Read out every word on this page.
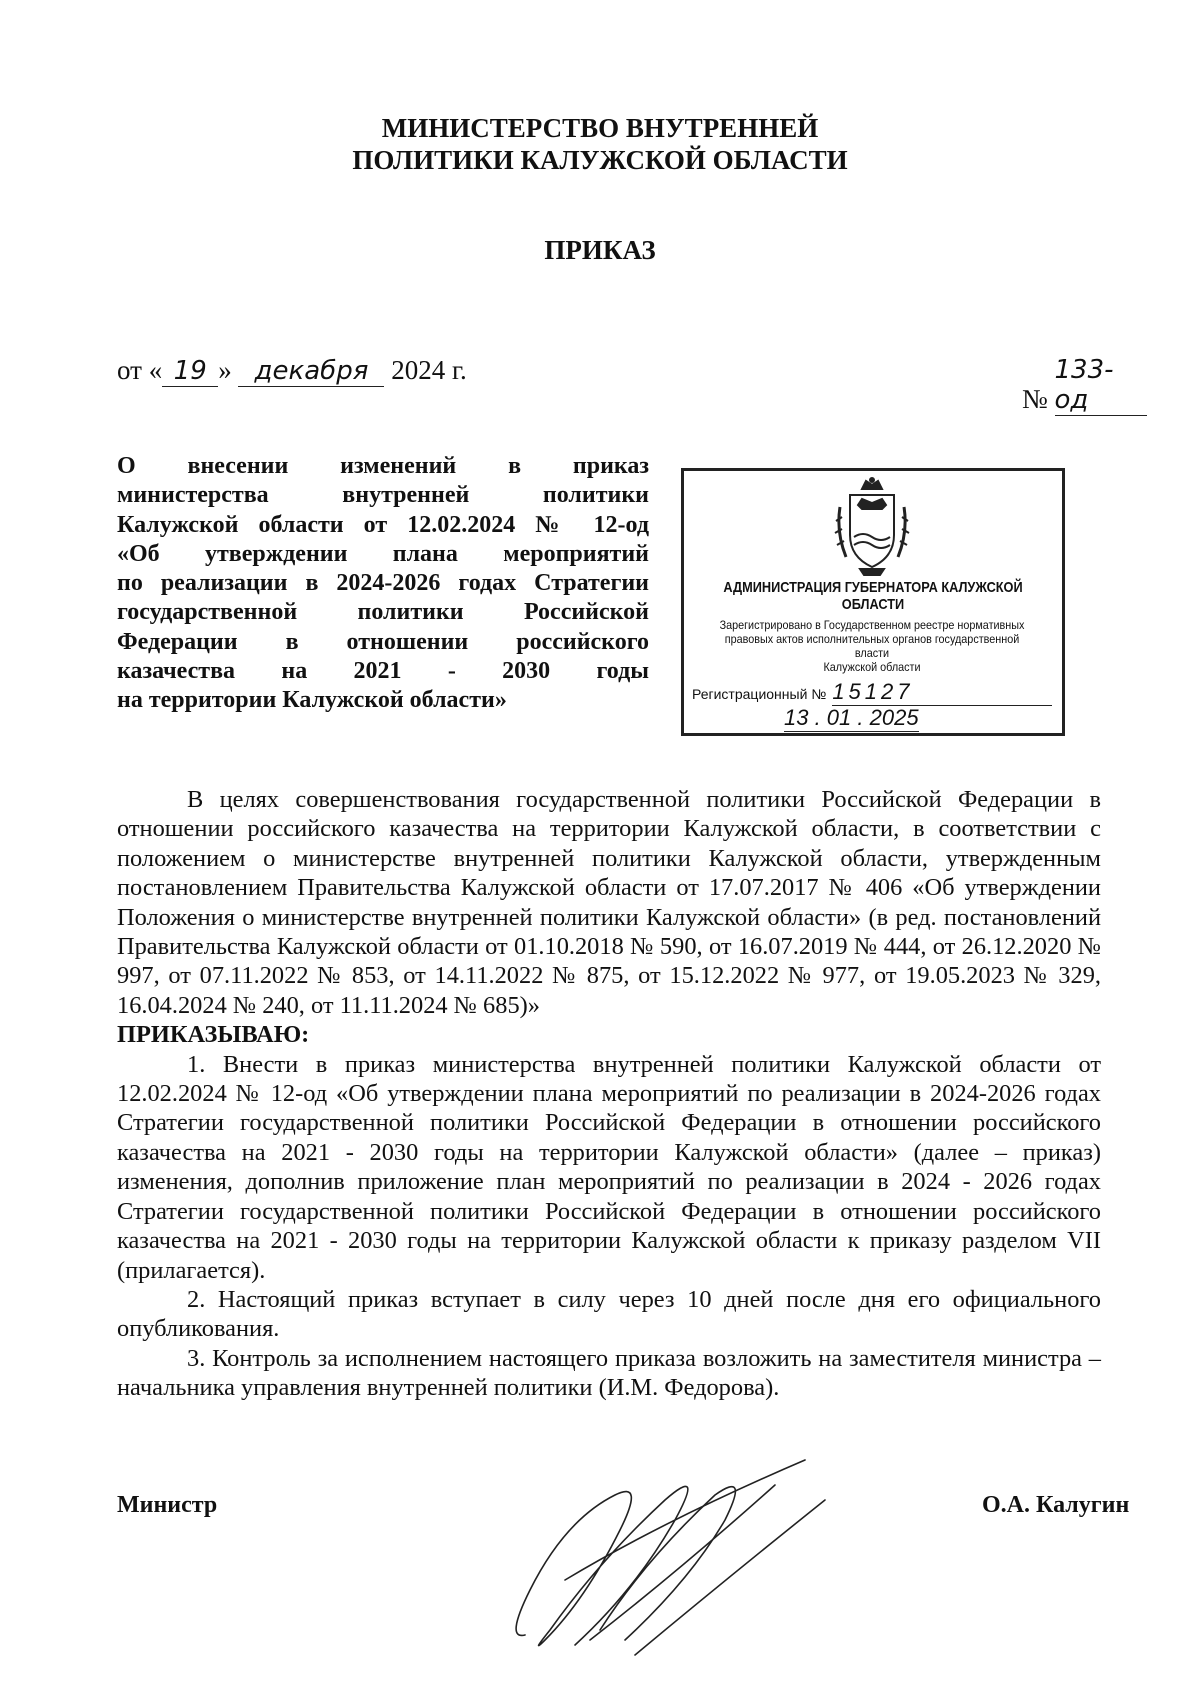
МИНИСТЕРСТВО ВНУТРЕННЕЙ
ПОЛИТИКИ КАЛУЖСКОЙ ОБЛАСТИ
ПРИКАЗ
от « 19 » декабря 2024 г.
№ 133-од
О внесении изменений в приказ
министерства внутренней политики
Калужской области от 12.02.2024 № 12-од
«Об утверждении плана мероприятий
по реализации в 2024-2026 годах Стратегии
государственной политики Российской
Федерации в отношении российского
казачества на 2021 - 2030 годы
на территории Калужской области»
АДМИНИСТРАЦИЯ ГУБЕРНАТОРА КАЛУЖСКОЙ ОБЛАСТИ
Зарегистрировано в Государственном реестре нормативных
правовых актов исполнительных органов государственной власти
Калужской области
Регистрационный № 15127
13 . 01 . 2025

В целях совершенствования государственной политики Российской Федерации в отношении российского казачества на территории Калужской области, в соответствии с положением о министерстве внутренней политики Калужской области, утвержденным постановлением Правительства Калужской области от 17.07.2017 № 406 «Об утверждении Положения о министерстве внутренней политики Калужской области» (в ред. постановлений Правительства Калужской области от 01.10.2018 № 590, от 16.07.2019 № 444, от 26.12.2020 № 997, от 07.11.2022 № 853, от 14.11.2022 № 875, от 15.12.2022 № 977, от 19.05.2023 № 329, 16.04.2024 № 240, от 11.11.2024 № 685)»

ПРИКАЗЫВАЮ:

1. Внести в приказ министерства внутренней политики Калужской области от 12.02.2024 № 12-од «Об утверждении плана мероприятий по реализации в 2024-2026 годах Стратегии государственной политики Российской Федерации в отношении российского казачества на 2021 - 2030 годы на территории Калужской области» (далее – приказ) изменения, дополнив приложение план мероприятий по реализации в 2024 - 2026 годах Стратегии государственной политики Российской Федерации в отношении российского казачества на 2021 - 2030 годы на территории Калужской области к приказу разделом VII (прилагается).

2. Настоящий приказ вступает в силу через 10 дней после дня его официального опубликования.

3. Контроль за исполнением настоящего приказа возложить на заместителя министра – начальника управления внутренней политики (И.М. Федорова).

Министр	О.А. Калугин
